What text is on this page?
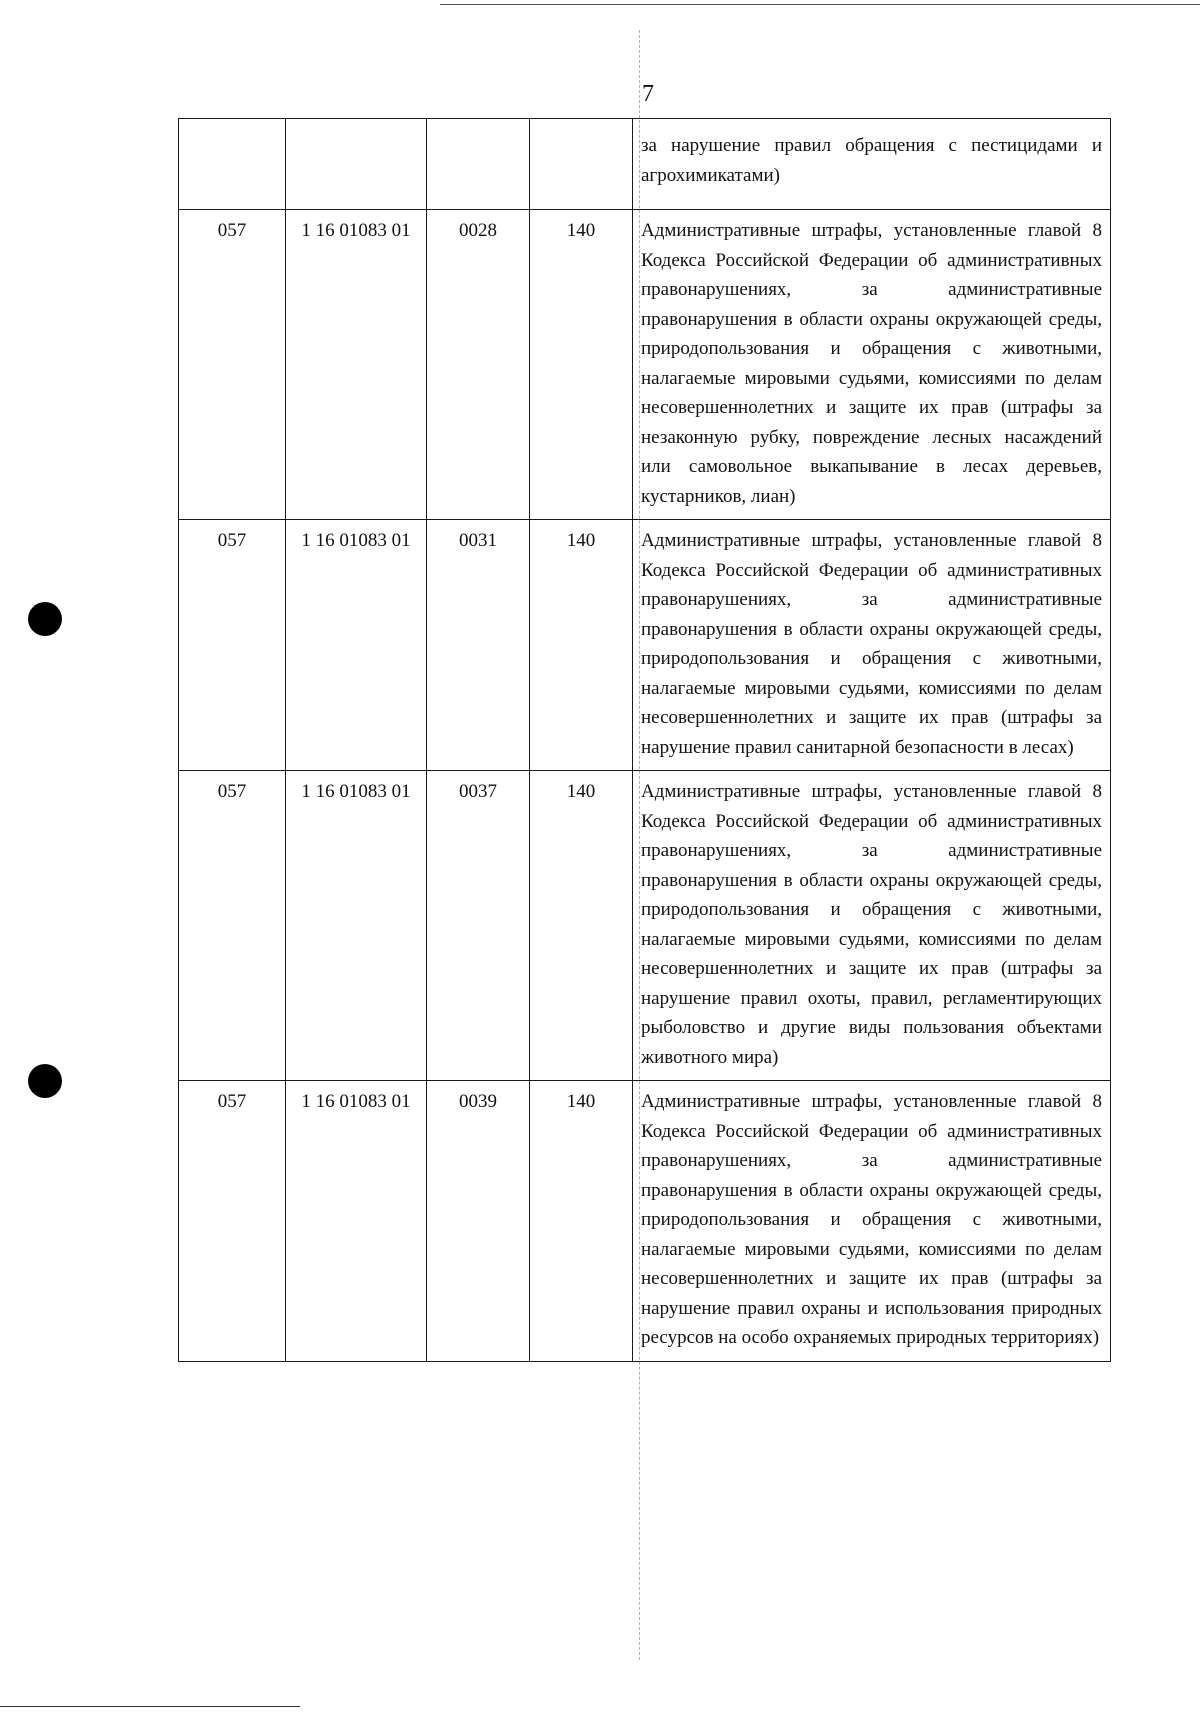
7
				за нарушение правил обращения с пестицидами и агрохимикатами)
057	1 16 01083 01	0028	140	Административные штрафы, установленные главой 8 Кодекса Российской Федерации об административных правонарушениях, за административные правонарушения в области охраны окружающей среды, природопользования и обращения с животными, налагаемые мировыми судьями, комиссиями по делам несовершеннолетних и защите их прав (штрафы за незаконную рубку, повреждение лесных насаждений или самовольное выкапывание в лесах деревьев, кустарников, лиан)
057	1 16 01083 01	0031	140	Административные штрафы, установленные главой 8 Кодекса Российской Федерации об административных правонарушениях, за административные правонарушения в области охраны окружающей среды, природопользования и обращения с животными, налагаемые мировыми судьями, комиссиями по делам несовершеннолетних и защите их прав (штрафы за нарушение правил санитарной безопасности в лесах)
057	1 16 01083 01	0037	140	Административные штрафы, установленные главой 8 Кодекса Российской Федерации об административных правонарушениях, за административные правонарушения в области охраны окружающей среды, природопользования и обращения с животными, налагаемые мировыми судьями, комиссиями по делам несовершеннолетних и защите их прав (штрафы за нарушение правил охоты, правил, регламентирующих рыболовство и другие виды пользования объектами животного мира)
057	1 16 01083 01	0039	140	Административные штрафы, установленные главой 8 Кодекса Российской Федерации об административных правонарушениях, за административные правонарушения в области охраны окружающей среды, природопользования и обращения с животными, налагаемые мировыми судьями, комиссиями по делам несовершеннолетних и защите их прав (штрафы за нарушение правил охраны и использования природных ресурсов на особо охраняемых природных территориях)
